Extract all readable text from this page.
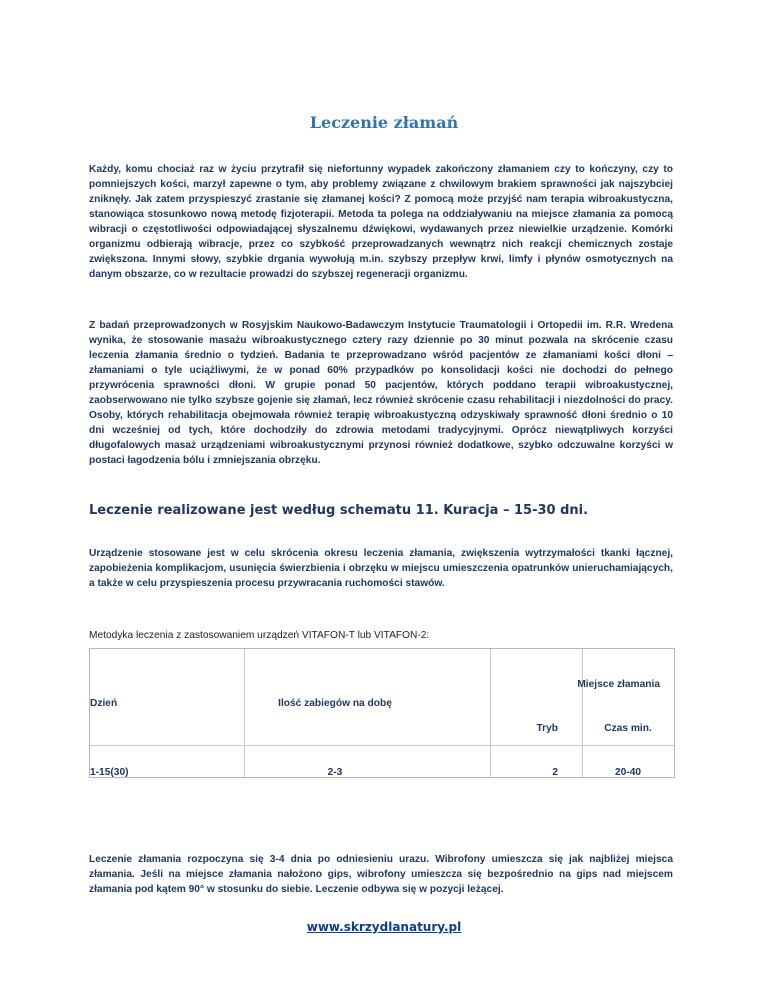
Leczenie złamań

Każdy, komu chociaż raz w życiu przytrafił się niefortunny wypadek zakończony złamaniem czy to kończyny, czy to pomniejszych kości, marzył zapewne o tym, aby problemy związane z chwilowym brakiem sprawności jak najszybciej zniknęły. Jak zatem przyspieszyć zrastanie się złamanej kości? Z pomocą może przyjść nam terapia wibroakustyczna, stanowiąca stosunkowo nową metodę fizjoterapii. Metoda ta polega na oddziaływaniu na miejsce złamania za pomocą wibracji o częstotliwości odpowiadającej słyszalnemu dźwiękowi, wydawanych przez niewielkie urządzenie. Komórki organizmu odbierają wibracje, przez co szybkość przeprowadzanych wewnątrz nich reakcji chemicznych zostaje zwiększona. Innymi słowy, szybkie drgania wywołują m.in. szybszy przepływ krwi, limfy i płynów osmotycznych na danym obszarze, co w rezultacie prowadzi do szybszej regeneracji organizmu.

Z badań przeprowadzonych w Rosyjskim Naukowo-Badawczym Instytucie Traumatologii i Ortopedii im. R.R. Wredena wynika, że stosowanie masażu wibroakustycznego cztery razy dziennie po 30 minut pozwala na skrócenie czasu leczenia złamania średnio o tydzień. Badania te przeprowadzano wśród pacjentów ze złamaniami kości dłoni – złamaniami o tyle uciążliwymi, że w ponad 60% przypadków po konsolidacji kości nie dochodzi do pełnego przywrócenia sprawności dłoni. W grupie ponad 50 pacjentów, których poddano terapii wibroakustycznej, zaobserwowano nie tylko szybsze gojenie się złamań, lecz również skrócenie czasu rehabilitacji i niezdolności do pracy. Osoby, których rehabilitacja obejmowała również terapię wibroakustyczną odzyskiwały sprawność dłoni średnio o 10 dni wcześniej od tych, które dochodziły do zdrowia metodami tradycyjnymi. Oprócz niewątpliwych korzyści długofalowych masaż urządzeniami wibroakustycznymi przynosi również dodatkowe, szybko odczuwalne korzyści w postaci łagodzenia bólu i zmniejszania obrzęku.

Leczenie realizowane jest według schematu 11. Kuracja – 15-30 dni.

Urządzenie stosowane jest w celu skrócenia okresu leczenia złamania, zwiększenia wytrzymałości tkanki łącznej, zapobieżenia komplikacjom, usunięcia świerzbienia i obrzęku w miejscu umieszczenia opatrunków unieruchamiających, a także w celu przyspieszenia procesu przywracania ruchomości stawów.

Metodyka leczenia z zastosowaniem urządzeń VITAFON-T lub VITAFON-2:
Dzień	Ilość zabiegów na dobę
Miejsce złamania
Tryb	Czas min.
1-15(30)	2-3	2	20-40

Leczenie złamania rozpoczyna się 3-4 dnia po odniesieniu urazu. Wibrofony umieszcza się jak najbliżej miejsca złamania. Jeśli na miejsce złamania nałożono gips, wibrofony umieszcza się bezpośrednio na gips nad miejscem złamania pod kątem 90° w stosunku do siebie. Leczenie odbywa się w pozycji leżącej.

www.skrzydlanatury.pl
